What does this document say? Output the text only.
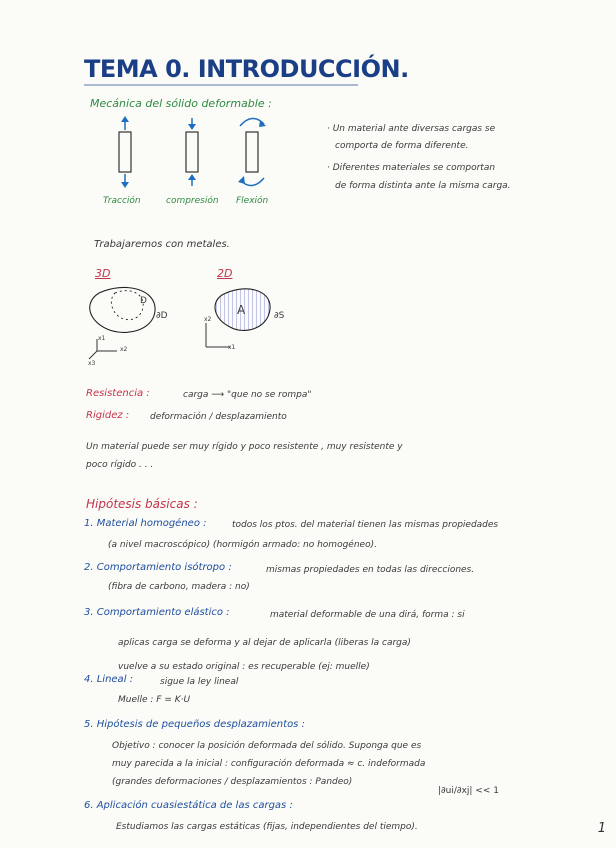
TEMA 0. INTRODUCCIÓN.
Mecánica del sólido deformable :
Tracción	compresión Flexión
· Un material ante diversas cargas se
comporta de forma diferente.
· Diferentes materiales se comportan
de forma distinta ante la misma carga.
Trabajaremos con metales.
3D	2D
D
∂D
x1
x2
x3
A	∂S
x2
x1
Resistencia :	carga ⟶ "que no se rompa"
Rigidez : deformación / desplazamiento
Un material puede ser muy rígido y poco resistente , muy resistente y
poco rígido . . .
Hipótesis básicas :
1. Material homogéneo :	todos los ptos. del material tienen las mismas propiedades
(a nivel macroscópico) (hormigón armado: no homogéneo).
2. Comportamiento isótropo :	mismas propiedades en todas las direcciones.
(fibra de carbono, madera : no)
3. Comportamiento elástico :	material deformable de una dirá, forma : si
aplicas carga se deforma y al dejar de aplicarla (liberas la carga)
vuelve a su estado original : es recuperable (ej: muelle)
4. Lineal :	sigue la ley lineal
Muelle : F = K·U
5. Hipótesis de pequeños desplazamientos :
Objetivo : conocer la posición deformada del sólido. Suponga que es
muy parecida a la inicial : configuración deformada ≈ c. indeformada
(grandes deformaciones / desplazamientos : Pandeo)
|∂ui/∂xj| << 1
6. Aplicación cuasiestática de las cargas :
Estudiamos las cargas estáticas (fijas, independientes del tiempo).	1
